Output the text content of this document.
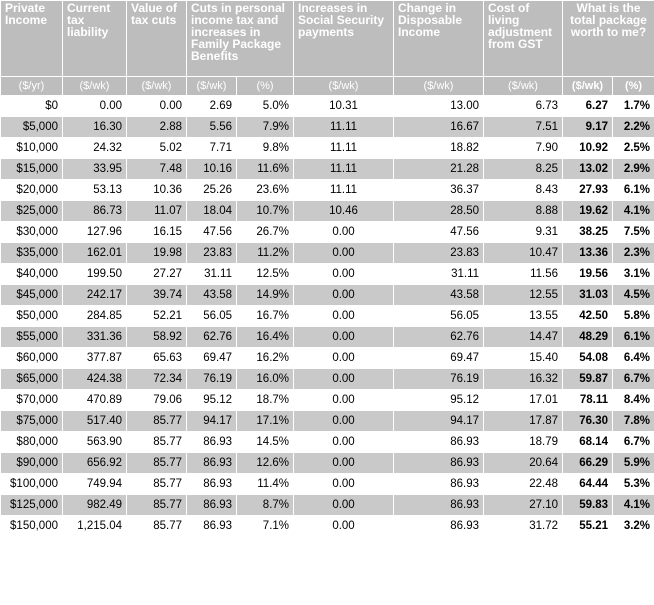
Private Income	Current tax liability	Value of tax cuts	Cuts in personal income tax and increases in Family Package Benefits		Increases in Social Security payments	Change in Disposable Income	Cost of living adjustment from GST	What is the total package worth to me?	
($/yr)	($/wk)	($/wk)	($/wk)	(%)	($/wk)	($/wk)	($/wk)	($/wk)	(%)
$0	0.00	0.00	2.69	5.0%	10.31	13.00	6.73	6.27	1.7%
$5,000	16.30	2.88	5.56	7.9%	11.11	16.67	7.51	9.17	2.2%
$10,000	24.32	5.02	7.71	9.8%	11.11	18.82	7.90	10.92	2.5%
$15,000	33.95	7.48	10.16	11.6%	11.11	21.28	8.25	13.02	2.9%
$20,000	53.13	10.36	25.26	23.6%	11.11	36.37	8.43	27.93	6.1%
$25,000	86.73	11.07	18.04	10.7%	10.46	28.50	8.88	19.62	4.1%
$30,000	127.96	16.15	47.56	26.7%	0.00	47.56	9.31	38.25	7.5%
$35,000	162.01	19.98	23.83	11.2%	0.00	23.83	10.47	13.36	2.3%
$40,000	199.50	27.27	31.11	12.5%	0.00	31.11	11.56	19.56	3.1%
$45,000	242.17	39.74	43.58	14.9%	0.00	43.58	12.55	31.03	4.5%
$50,000	284.85	52.21	56.05	16.7%	0.00	56.05	13.55	42.50	5.8%
$55,000	331.36	58.92	62.76	16.4%	0.00	62.76	14.47	48.29	6.1%
$60,000	377.87	65.63	69.47	16.2%	0.00	69.47	15.40	54.08	6.4%
$65,000	424.38	72.34	76.19	16.0%	0.00	76.19	16.32	59.87	6.7%
$70,000	470.89	79.06	95.12	18.7%	0.00	95.12	17.01	78.11	8.4%
$75,000	517.40	85.77	94.17	17.1%	0.00	94.17	17.87	76.30	7.8%
$80,000	563.90	85.77	86.93	14.5%	0.00	86.93	18.79	68.14	6.7%
$90,000	656.92	85.77	86.93	12.6%	0.00	86.93	20.64	66.29	5.9%
$100,000	749.94	85.77	86.93	11.4%	0.00	86.93	22.48	64.44	5.3%
$125,000	982.49	85.77	86.93	8.7%	0.00	86.93	27.10	59.83	4.1%
$150,000	1,215.04	85.77	86.93	7.1%	0.00	86.93	31.72	55.21	3.2%
